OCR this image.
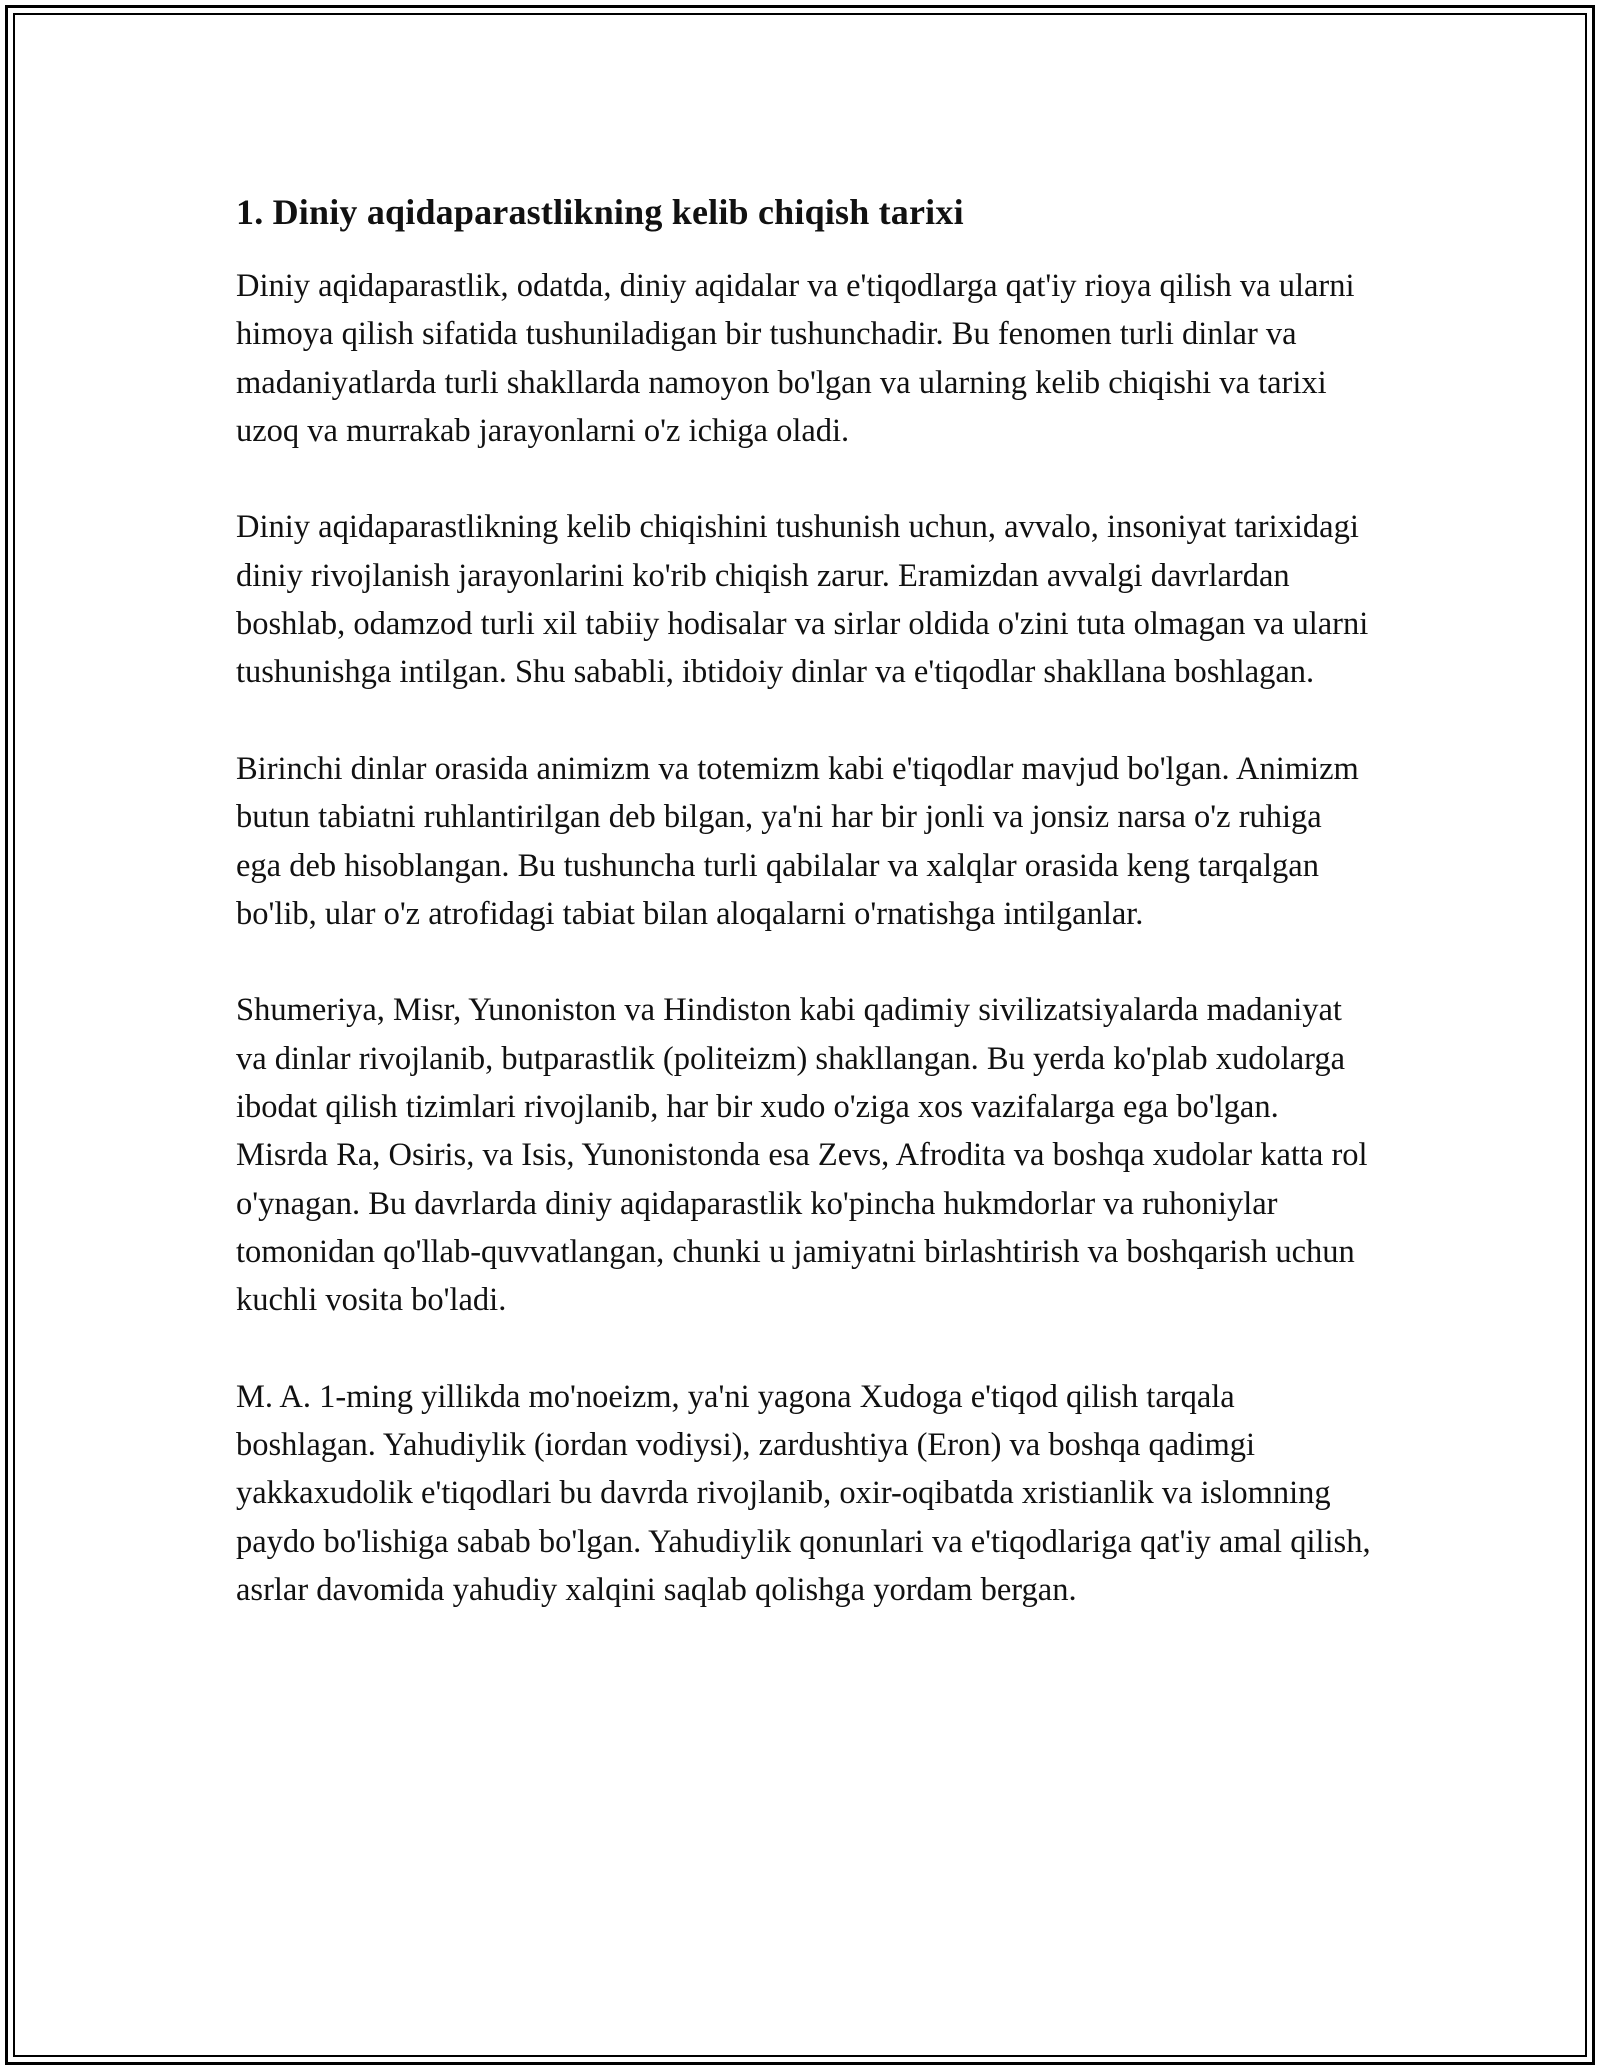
1. Diniy aqidaparastlikning kelib chiqish tarixi

Diniy aqidaparastlik, odatda, diniy aqidalar va e'tiqodlarga qat'iy rioya qilish va ularni himoya qilish sifatida tushuniladigan bir tushunchadir. Bu fenomen turli dinlar va madaniyatlarda turli shakllarda namoyon bo'lgan va ularning kelib chiqishi va tarixi uzoq va murrakab jarayonlarni o'z ichiga oladi.

Diniy aqidaparastlikning kelib chiqishini tushunish uchun, avvalo, insoniyat tarixidagi diniy rivojlanish jarayonlarini ko'rib chiqish zarur. Eramizdan avvalgi davrlardan boshlab, odamzod turli xil tabiiy hodisalar va sirlar oldida o'zini tuta olmagan va ularni tushunishga intilgan. Shu sababli, ibtidoiy dinlar va e'tiqodlar shakllana boshlagan.

Birinchi dinlar orasida animizm va totemizm kabi e'tiqodlar mavjud bo'lgan. Animizm butun tabiatni ruhlantirilgan deb bilgan, ya'ni har bir jonli va jonsiz narsa o'z ruhiga ega deb hisoblangan. Bu tushuncha turli qabilalar va xalqlar orasida keng tarqalgan bo'lib, ular o'z atrofidagi tabiat bilan aloqalarni o'rnatishga intilganlar.

Shumeriya, Misr, Yunoniston va Hindiston kabi qadimiy sivilizatsiyalarda madaniyat va dinlar rivojlanib, butparastlik (politeizm) shakllangan. Bu yerda ko'plab xudolarga ibodat qilish tizimlari rivojlanib, har bir xudo o'ziga xos vazifalarga ega bo'lgan. Misrda Ra, Osiris, va Isis, Yunonistonda esa Zevs, Afrodita va boshqa xudolar katta rol o'ynagan. Bu davrlarda diniy aqidaparastlik ko'pincha hukmdorlar va ruhoniylar tomonidan qo'llab-quvvatlangan, chunki u jamiyatni birlashtirish va boshqarish uchun kuchli vosita bo'ladi.

M. A. 1-ming yillikda mo'noeizm, ya'ni yagona Xudoga e'tiqod qilish tarqala boshlagan. Yahudiylik (iordan vodiysi), zardushtiya (Eron) va boshqa qadimgi yakkaxudolik e'tiqodlari bu davrda rivojlanib, oxir-oqibatda xristianlik va islomning paydo bo'lishiga sabab bo'lgan. Yahudiylik qonunlari va e'tiqodlariga qat'iy amal qilish, asrlar davomida yahudiy xalqini saqlab qolishga yordam bergan.
